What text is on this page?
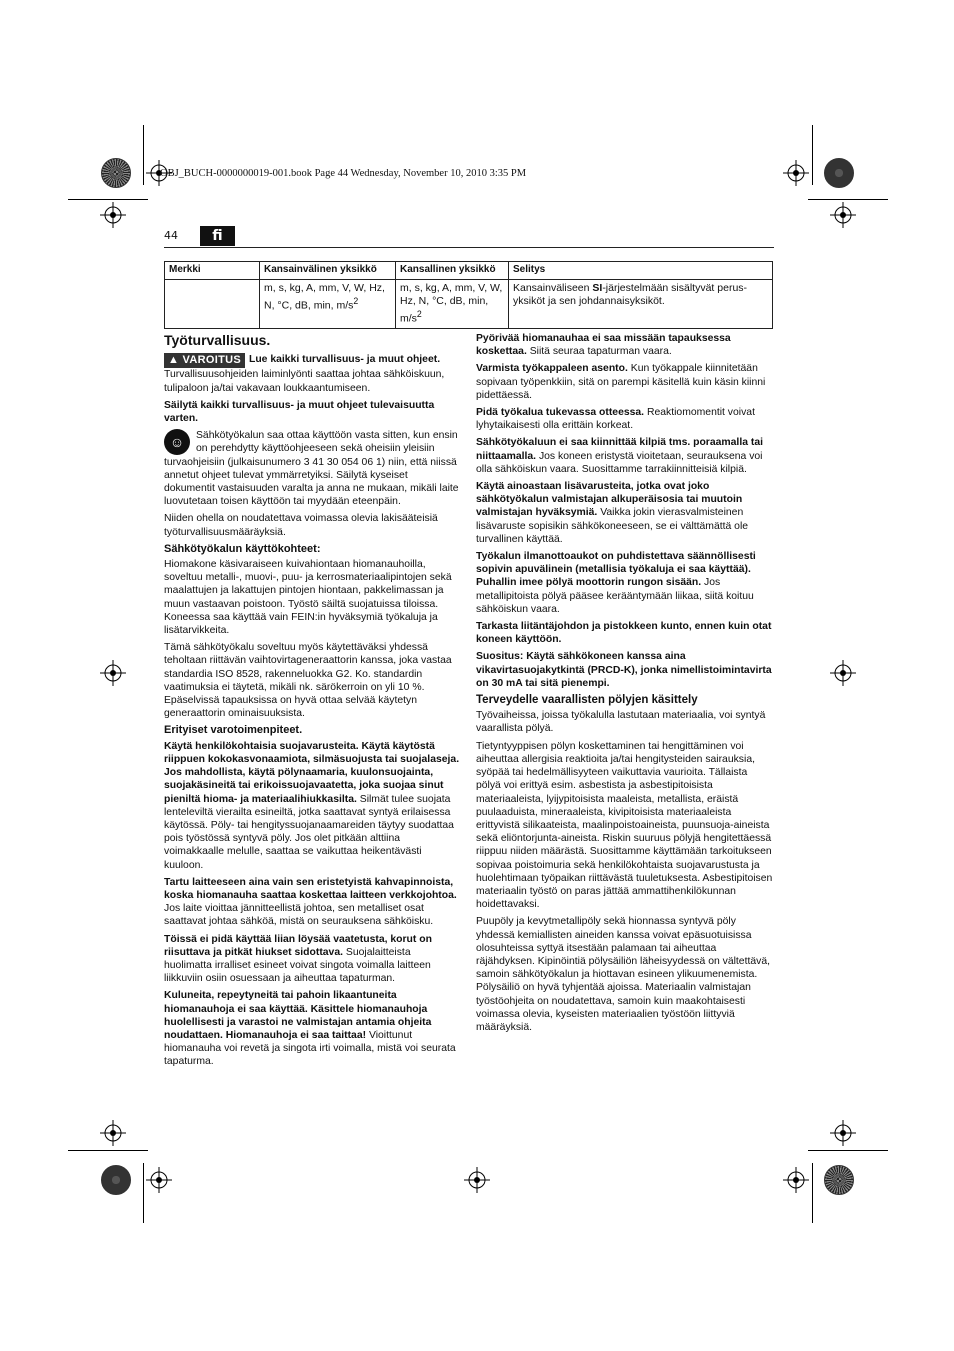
OBJ_BUCH-0000000019-001.book Page 44 Wednesday, November 10, 2010 3:35 PM
44	fi
Merkki	Kansainvälinen yksikkö	Kansallinen yksikkö	Selitys
	m, s, kg, A, mm, V, W, Hz, N, °C, dB, min, $m/s^2$	m, s, kg, A, mm, V, W, Hz, N, °C, dB, min, $m/s^2$	Kansainväliseen SI-järjestelmään sisältyvät perus-yksiköt ja sen johdannaisyksiköt.
Työturvallisuus.

▲ VAROITUS Lue kaikki turvallisuus- ja muut ohjeet. Turvallisuusohjeiden laiminlyönti saattaa johtaa sähköiskuun, tulipaloon ja/tai vakavaan loukkaantumiseen.

Säilytä kaikki turvallisuus- ja muut ohjeet tulevaisuutta varten.

☺	Sähkötyökalun saa ottaa käyttöön vasta sitten, kun ensin on perehdytty käyttöohjeeseen sekä oheisiin yleisiin turvaohjeisiin (julkaisunumero 3 41 30 054 06 1) niin, että niissä annetut ohjeet tulevat ymmärretyiksi. Säilytä kyseiset dokumentit vastaisuuden varalta ja anna ne mukaan, mikäli laite luovutetaan toisen käyttöön tai myydään eteenpäin.

Niiden ohella on noudatettava voimassa olevia lakisääteisiä työturvallisuusmääräyksiä.

Sähkötyökalun käyttökohteet:

Hiomakone käsivaraiseen kuivahiontaan hiomanauhoilla, soveltuu metalli-, muovi-, puu- ja kerrosmateriaalipintojen sekä maalattujen ja lakattujen pintojen hiontaan, pakkelimassan ja muun vastaavan poistoon. Työstö säiltä suojatuissa tiloissa. Koneessa saa käyttää vain FEIN:in hyväksymiä työkaluja ja lisätarvikkeita.

Tämä sähkötyökalu soveltuu myös käytettäväksi yhdessä teholtaan riittävän vaihtovirtageneraattorin kanssa, joka vastaa standardia ISO 8528, rakenneluokka G2. Ko. standardin vaatimuksia ei täytetä, mikäli nk. särökerroin on yli 10 %. Epäselvissä tapauksissa on hyvä ottaa selvää käytetyn generaattorin ominaisuuksista.

Erityiset varotoimenpiteet.

Käytä henkilökohtaisia suojavarusteita. Käytä käytöstä riippuen kokokasvonaamiota, silmäsuojusta tai suojalaseja. Jos mahdollista, käytä pölynaamaria, kuulonsuojainta, suojakäsineitä tai erikoissuojavaatetta, joka suojaa sinut pieniltä hioma- ja materiaalihiukkasilta. Silmät tulee suojata lenteleviltä vierailta esineiltä, jotka saattavat syntyä erilaisessa käytössä. Pöly- tai hengityssuojanaamareiden täytyy suodattaa pois työstössä syntyvä pöly. Jos olet pitkään alttiina voimakkaalle melulle, saattaa se vaikuttaa heikentävästi kuuloon.

Tartu laitteeseen aina vain sen eristetyistä kahvapinnoista, koska hiomanauha saattaa koskettaa laitteen verkkojohtoa. Jos laite vioittaa jännitteellistä johtoa, sen metalliset osat saattavat johtaa sähköä, mistä on seurauksena sähköisku.

Töissä ei pidä käyttää liian löysää vaatetusta, korut on riisuttava ja pitkät hiukset sidottava. Suojalaitteista huolimatta irralliset esineet voivat singota voimalla laitteen liikkuviin osiin osuessaan ja aiheuttaa tapaturman.

Kuluneita, repeytyneitä tai pahoin likaantuneita hiomanauhoja ei saa käyttää. Käsittele hiomanauhoja huolellisesti ja varastoi ne valmistajan antamia ohjeita noudattaen. Hiomanauhoja ei saa taittaa! Vioittunut hiomanauha voi revetä ja singota irti voimalla, mistä voi seurata tapaturma.

Pyörivää hiomanauhaa ei saa missään tapauksessa koskettaa. Siitä seuraa tapaturman vaara.

Varmista työkappaleen asento. Kun työkappale kiinnitetään sopivaan työpenkkiin, sitä on parempi käsitellä kuin käsin kiinni pidettäessä.

Pidä työkalua tukevassa otteessa. Reaktiomomentit voivat lyhytaikaisesti olla erittäin korkeat.

Sähkötyökaluun ei saa kiinnittää kilpiä tms. poraamalla tai niittaamalla. Jos koneen eristystä vioitetaan, seurauksena voi olla sähköiskun vaara. Suosittamme tarrakiinnitteisiä kilpiä.

Käytä ainoastaan lisävarusteita, jotka ovat joko sähkötyökalun valmistajan alkuperäisosia tai muutoin valmistajan hyväksymiä. Vaikka jokin vierasvalmisteinen lisävaruste sopisikin sähkökoneeseen, se ei välttämättä ole turvallinen käyttää.

Työkalun ilmanottoaukot on puhdistettava säännöllisesti sopivin apuvälinein (metallisia työkaluja ei saa käyttää). Puhallin imee pölyä moottorin rungon sisään. Jos metallipitoista pölyä pääsee kerääntymään liikaa, siitä koituu sähköiskun vaara.

Tarkasta liitäntäjohdon ja pistokkeen kunto, ennen kuin otat koneen käyttöön.

Suositus: Käytä sähkökoneen kanssa aina vikavirtasuojakytkintä (PRCD-K), jonka nimellistoimintavirta on 30 mA tai sitä pienempi.

Terveydelle vaarallisten pölyjen käsittely

Työvaiheissa, joissa työkalulla lastutaan materiaalia, voi syntyä vaarallista pölyä.

Tietyntyyppisen pölyn koskettaminen tai hengittäminen voi aiheuttaa allergisia reaktioita ja/tai hengitysteiden sairauksia, syöpää tai hedelmällisyyteen vaikuttavia vaurioita. Tällaista pölyä voi erittyä esim. asbestista ja asbestipitoisista materiaaleista, lyijypitoisista maaleista, metallista, eräistä puulaaduista, mineraaleista, kivipitoisista materiaaleista erittyvistä silikaateista, maalinpoistoaineista, puunsuoja-aineista sekä eliöntorjunta-aineista. Riskin suuruus pölyjä hengitettäessä riippuu niiden määrästä. Suosittamme käyttämään tarkoitukseen sopivaa poistoimuria sekä henkilökohtaista suojavarustusta ja huolehtimaan työpaikan riittävästä tuuletuksesta. Asbestipitoisen materiaalin työstö on paras jättää ammattihenkilökunnan hoidettavaksi.

Puupöly ja kevytmetallipöly sekä hionnassa syntyvä pöly yhdessä kemiallisten aineiden kanssa voivat epäsuotuisissa olosuhteissa syttyä itsestään palamaan tai aiheuttaa räjähdyksen. Kipinöintiä pölysäiliön läheisyydessä on vältettävä, samoin sähkötyökalun ja hiottavan esineen ylikuumenemista. Pölysäiliö on hyvä tyhjentää ajoissa. Materiaalin valmistajan työstöohjeita on noudatettava, samoin kuin maakohtaisesti voimassa olevia, kyseisten materiaalien työstöön liittyviä määräyksiä.
